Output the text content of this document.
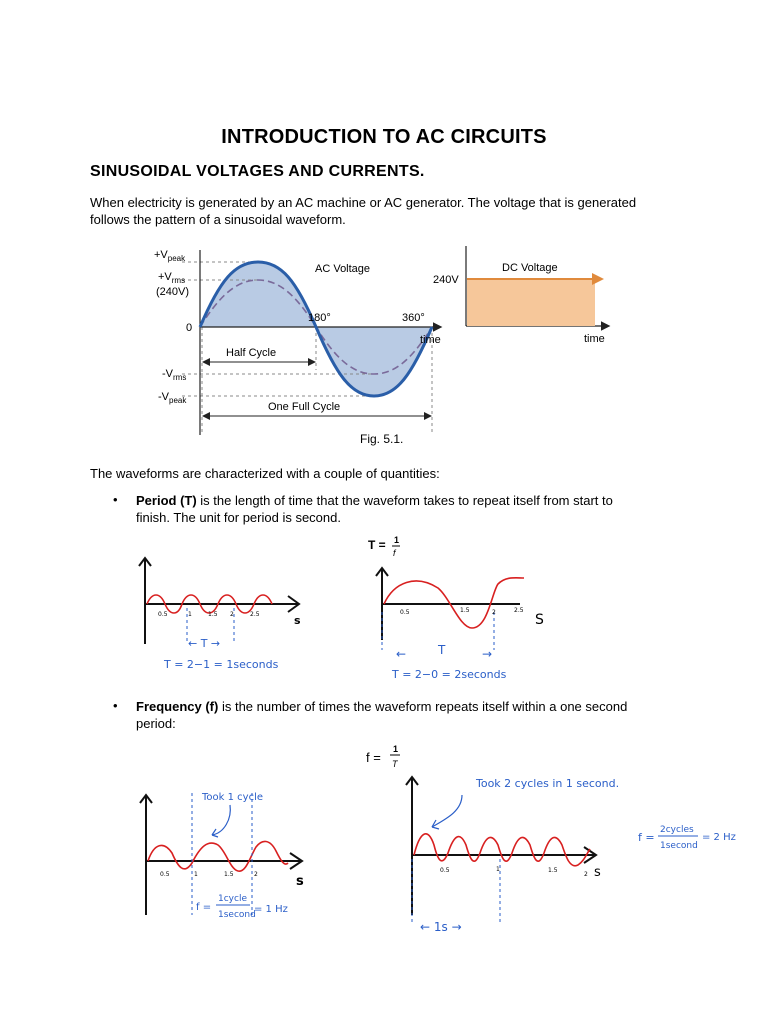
INTRODUCTION TO AC CIRCUITS
SINUSOIDAL VOLTAGES AND CURRENTS.
When electricity is generated by an AC machine or AC generator. The voltage that is generated
follows the pattern of a sinusoidal waveform.
$+V_{peak}$
$+V_{rms}$
(240V)
0
$-V_{rms}$
$-V_{peak}$
AC Voltage
180°	360°
time
Half Cycle
One Full Cycle
Fig. 5.1.
DC Voltage
240V
time
The waveforms are characterized with a couple of quantities:
• Period (T) is the length of time that the waveform takes to repeat itself from start to
finish. The unit for period is second.
T = 1
f
0.5	1	1.5 2	2.5	s
← T →
T = 2−1 = 1seconds
0.5	1.5	2	2.5
S
←	T	→
T = 2−0 = 2seconds
• Frequency (f) is the number of times the waveform repeats itself within a one second
period:
f =
1
T
Took 1 cycle
0.5	1	1.5	2	s
f =
1cycle
1second
= 1 Hz
Took 2 cycles in 1 second.
0.5	1	1.5
2 s
← 1s →
f =
2cycles
1second
= 2 Hz
